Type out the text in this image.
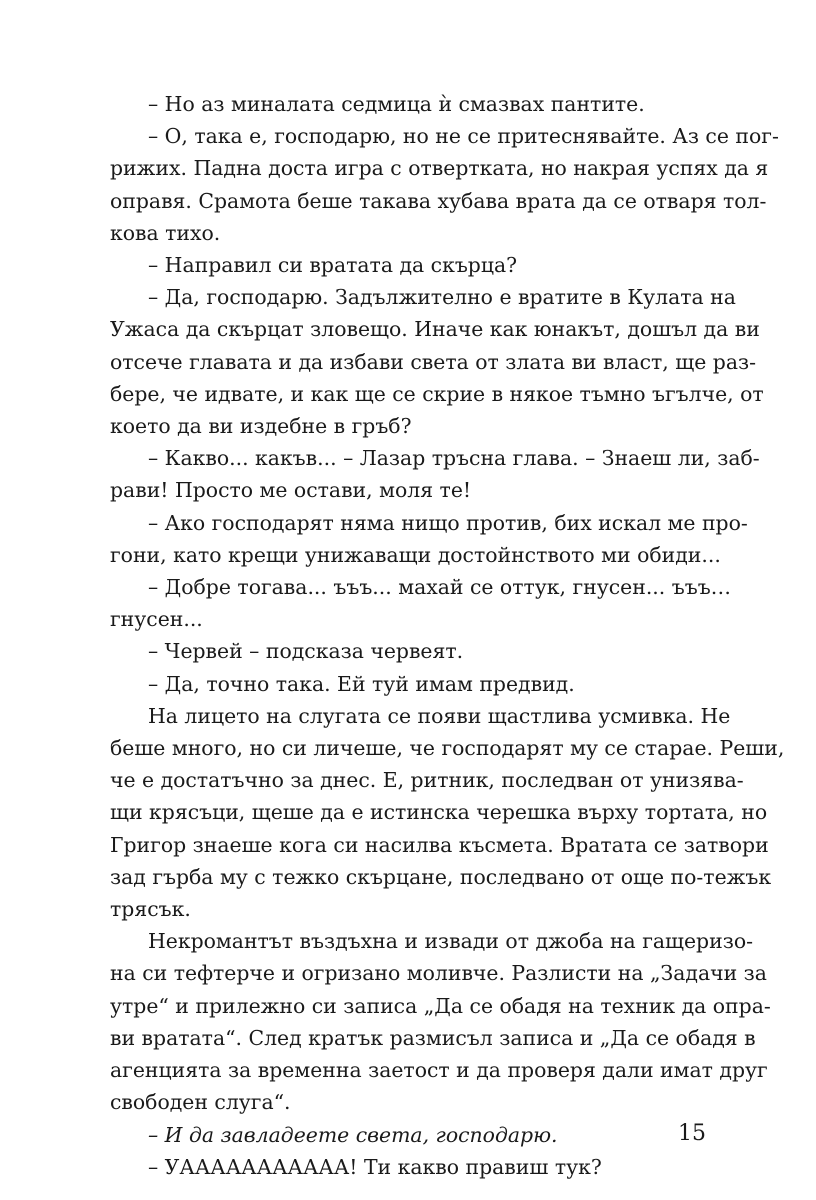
– Но аз миналата седмица ѝ смазвах пантите.
– О, така е, господарю, но не се притеснявайте. Аз се пог-
рижих. Падна доста игра с отвертката, но накрая успях да я
оправя. Срамота беше такава хубава врата да се отваря тол-
кова тихо.
– Направил си вратата да скърца?
– Да, господарю. Задължително е вратите в Кулата на
Ужаса да скърцат зловещо. Иначе как юнакът, дошъл да ви
отсече главата и да избави света от злата ви власт, ще раз-
бере, че идвате, и как ще се скрие в някое тъмно ъгълче, от
което да ви издебне в гръб?
– Какво... какъв... – Лазар тръсна глава. – Знаеш ли, заб-
рави! Просто ме остави, моля те!
– Ако господарят няма нищо против, бих искал ме про-
гони, като крещи унижаващи достойнството ми обиди...
– Добре тогава... ъъъ... махай се оттук, гнусен... ъъъ…
гнусен...
– Червей – подсказа червеят.
– Да, точно така. Ей туй имам предвид.
На лицето на слугата се появи щастлива усмивка. Не
беше много, но си личеше, че господарят му се старае. Реши,
че е достатъчно за днес. Е, ритник, последван от унизява-
щи крясъци, щеше да е истинска черешка върху тортата, но
Григор знаеше кога си насилва късмета. Вратата се затвори
зад гърба му с тежко скърцане, последвано от още по-тежък
трясък.
Некромантът въздъхна и извади от джоба на гащеризо-
на си тефтерче и огризано моливче. Разлисти на „Задачи за
утре“ и прилежно си записа „Да се обадя на техник да опра-
ви вратата“. След кратък размисъл записа и „Да се обадя в
агенцията за временна заетост и да проверя дали имат друг
свободен слуга“.
– И да завладеете света, господарю.
– УААААААААААА! Ти какво правиш тук?
15
